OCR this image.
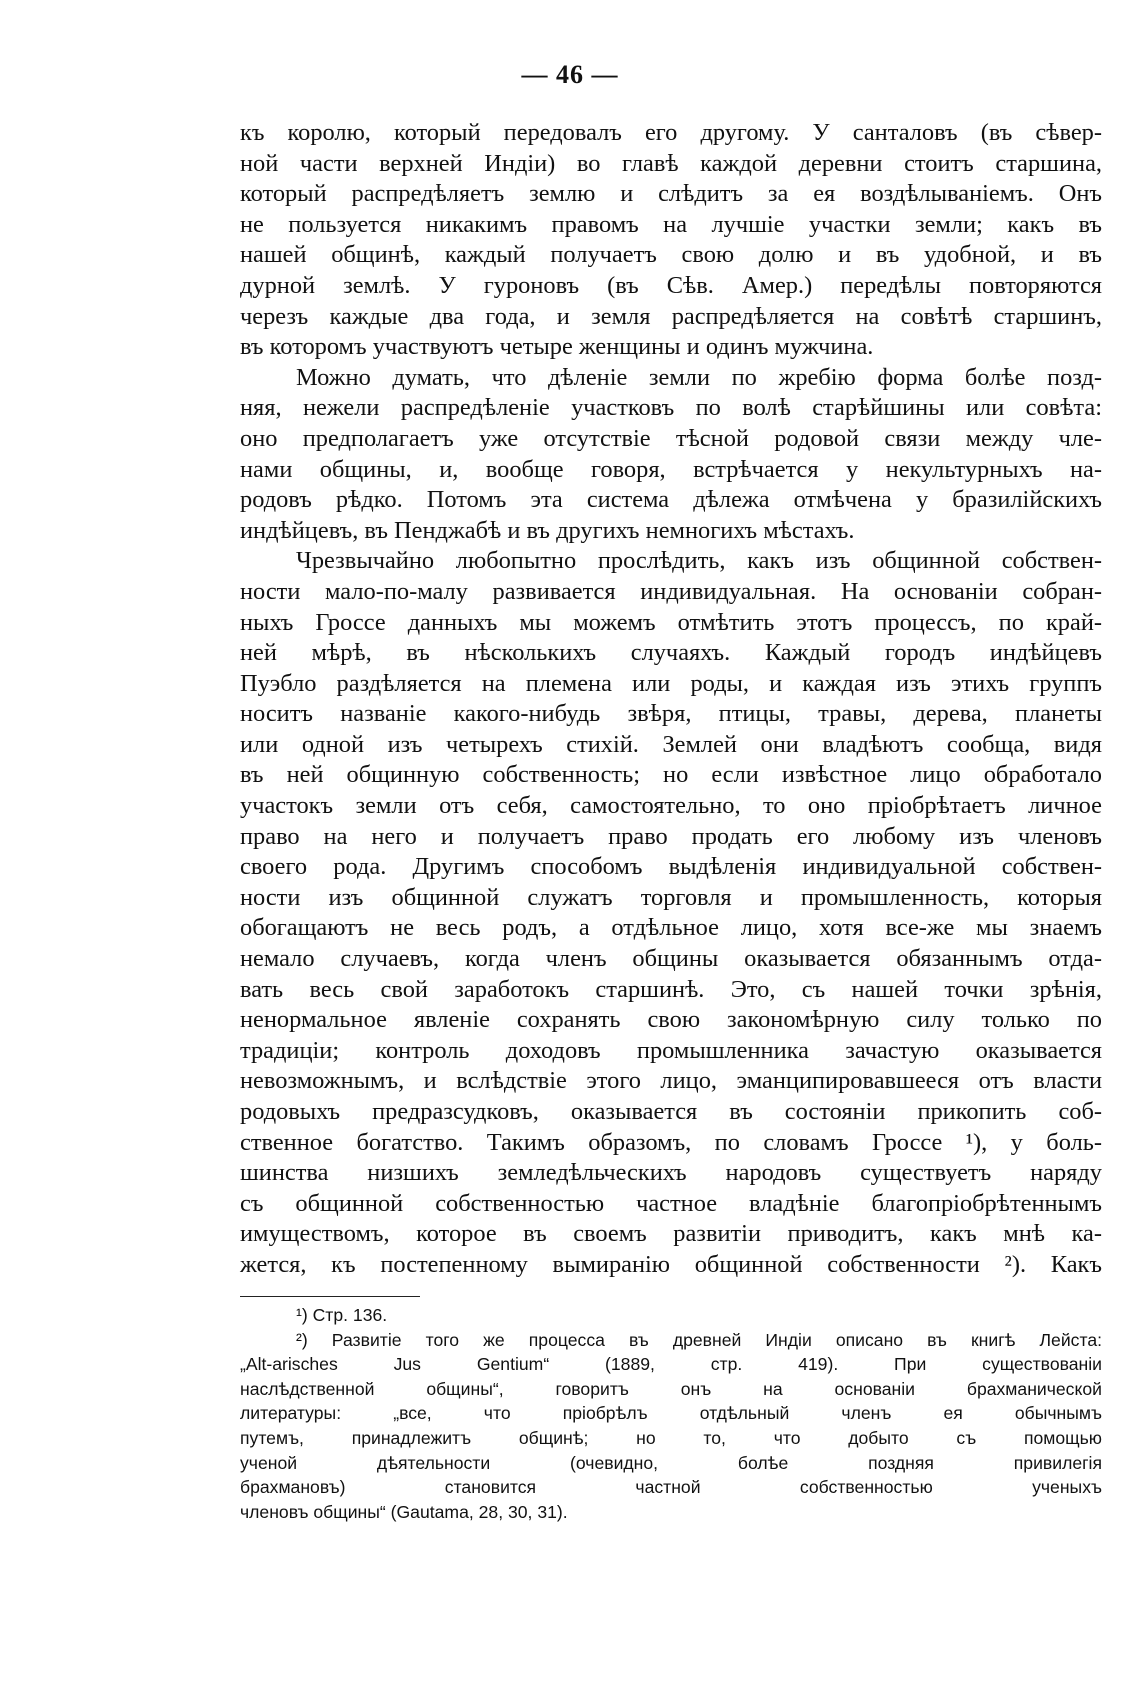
— 46 —
къ королю, который передовалъ его другому. У санталовъ (въ сѣвер-
ной части верхней Индіи) во главѣ каждой деревни стоитъ старшина,
который распредѣляетъ землю и слѣдитъ за ея воздѣлываніемъ. Онъ
не пользуется никакимъ правомъ на лучшіе участки земли; какъ въ
нашей общинѣ, каждый получаетъ свою долю и въ удобной, и въ
дурной землѣ. У гуроновъ (въ Сѣв. Амер.) передѣлы повторяются
черезъ каждые два года, и земля распредѣляется на совѣтѣ старшинъ,
въ которомъ участвуютъ четыре женщины и одинъ мужчина.
Можно думать, что дѣленіе земли по жребію форма болѣе позд-
няя, нежели распредѣленіе участковъ по волѣ старѣйшины или совѣта:
оно предполагаетъ уже отсутствіе тѣсной родовой связи между чле-
нами общины, и, вообще говоря, встрѣчается у некультурныхъ на-
родовъ рѣдко. Потомъ эта система дѣлежа отмѣчена у бразилійскихъ
индѣйцевъ, въ Пенджабѣ и въ другихъ немногихъ мѣстахъ.
Чрезвычайно любопытно прослѣдить, какъ изъ общинной собствен-
ности мало-по-малу развивается индивидуальная. На основаніи собран-
ныхъ Гроссе данныхъ мы можемъ отмѣтить этотъ процессъ, по край-
ней мѣрѣ, въ нѣсколькихъ случаяхъ. Каждый городъ индѣйцевъ
Пуэбло раздѣляется на племена или роды, и каждая изъ этихъ группъ
носитъ названіе какого-нибудь звѣря, птицы, травы, дерева, планеты
или одной изъ четырехъ стихій. Землей они владѣютъ сообща, видя
въ ней общинную собственность; но если извѣстное лицо обработало
участокъ земли отъ себя, самостоятельно, то оно пріобрѣтаетъ личное
право на него и получаетъ право продать его любому изъ членовъ
своего рода. Другимъ способомъ выдѣленія индивидуальной собствен-
ности изъ общинной служатъ торговля и промышленность, которыя
обогащаютъ не весь родъ, а отдѣльное лицо, хотя все-же мы знаемъ
немало случаевъ, когда членъ общины оказывается обязаннымъ отда-
вать весь свой заработокъ старшинѣ. Это, съ нашей точки зрѣнія,
ненормальное явленіе сохранять свою закономѣрную силу только по
традиціи; контроль доходовъ промышленника зачастую оказывается
невозможнымъ, и вслѣдствіе этого лицо, эманципировавшееся отъ власти
родовыхъ предразсудковъ, оказывается въ состояніи прикопить соб-
ственное богатство. Такимъ образомъ, по словамъ Гроссе ¹), у боль-
шинства низшихъ земледѣльческихъ народовъ существуетъ наряду
съ общинной собственностью частное владѣніе благопріобрѣтеннымъ
имуществомъ, которое въ своемъ развитіи приводитъ, какъ мнѣ ка-
жется, къ постепенному вымиранію общинной собственности ²). Какъ
¹) Стр. 136.
²) Развитіе того же процесса въ древней Индіи описано въ книгѣ Лейста:
„Alt-arisches Jus Gentium“ (1889, стр. 419). При существованіи
наслѣдственной общины“, говоритъ онъ на основаніи брахманической
литературы: „все, что пріобрѣлъ отдѣльный членъ ея обычнымъ
путемъ, принадлежитъ общинѣ; но то, что добыто съ помощью
ученой дѣятельности (очевидно, болѣе поздняя привилегія
брахмановъ) становится частной собственностью ученыхъ
членовъ общины“ (Gautama, 28, 30, 31).
